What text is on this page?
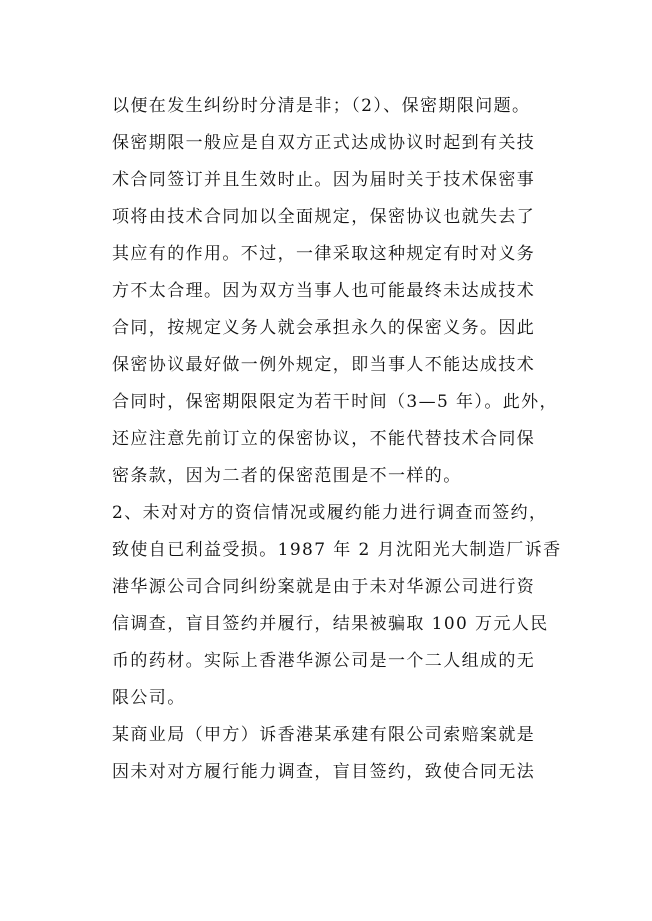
以便在发生纠纷时分清是非；（2）、保密期限问题。
保密期限一般应是自双方正式达成协议时起到有关技
术合同签订并且生效时止。因为届时关于技术保密事
项将由技术合同加以全面规定，保密协议也就失去了
其应有的作用。不过，一律采取这种规定有时对义务
方不太合理。因为双方当事人也可能最终未达成技术
合同，按规定义务人就会承担永久的保密义务。因此
保密协议最好做一例外规定，即当事人不能达成技术
合同时，保密期限限定为若干时间（3—5 年）。此外，
还应注意先前订立的保密协议，不能代替技术合同保
密条款，因为二者的保密范围是不一样的。
2、未对对方的资信情况或履约能力进行调查而签约，
致使自已利益受损。1987 年 2 月沈阳光大制造厂诉香
港华源公司合同纠纷案就是由于未对华源公司进行资
信调查，盲目签约并履行，结果被骗取 100 万元人民
币的药材。实际上香港华源公司是一个二人组成的无
限公司。
某商业局（甲方）诉香港某承建有限公司索赔案就是
因未对对方履行能力调查，盲目签约，致使合同无法
